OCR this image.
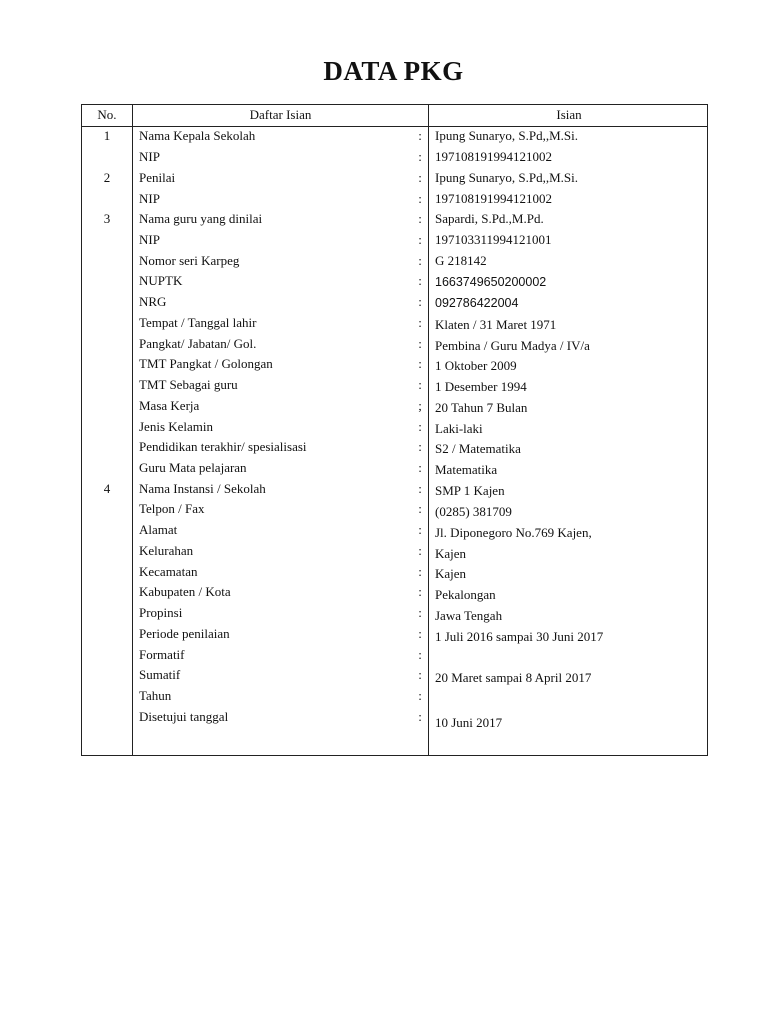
DATA PKG
No.	Daftar Isian	Isian
1
2
3
4
Nama Kepala Sekolah
NIP
Penilai
NIP
Nama guru yang dinilai
NIP
Nomor seri Karpeg
NUPTK
NRG
Tempat / Tanggal lahir
Pangkat/ Jabatan/ Gol.
TMT Pangkat / Golongan
TMT Sebagai guru
Masa Kerja
Jenis Kelamin
Pendidikan terakhir/ spesialisasi
Guru Mata pelajaran
Nama Instansi / Sekolah
Telpon / Fax
Alamat
Kelurahan
Kecamatan
Kabupaten / Kota
Propinsi
Periode penilaian
Formatif
Sumatif
Tahun
Disetujui tanggal
:
:
:
:
:
:
:
:
:
:
:
:
:
;
:
:
:
:
:
:
:
:
:
:
:
:
:
:
:
Ipung Sunaryo, S.Pd,,M.Si.
197108191994121002
Ipung Sunaryo, S.Pd,,M.Si.
197108191994121002
Sapardi, S.Pd.,M.Pd.
197103311994121001
G 218142
1663749650200002
092786422004
Klaten / 31 Maret 1971
Pembina / Guru Madya / IV/a
1 Oktober 2009
1 Desember 1994
20 Tahun 7 Bulan
Laki-laki
S2 / Matematika
Matematika
SMP 1 Kajen
(0285) 381709
Jl. Diponegoro No.769 Kajen,
Kajen
Kajen
Pekalongan
Jawa Tengah
1 Juli 2016 sampai 30 Juni 2017
20 Maret sampai 8 April 2017
10 Juni 2017
